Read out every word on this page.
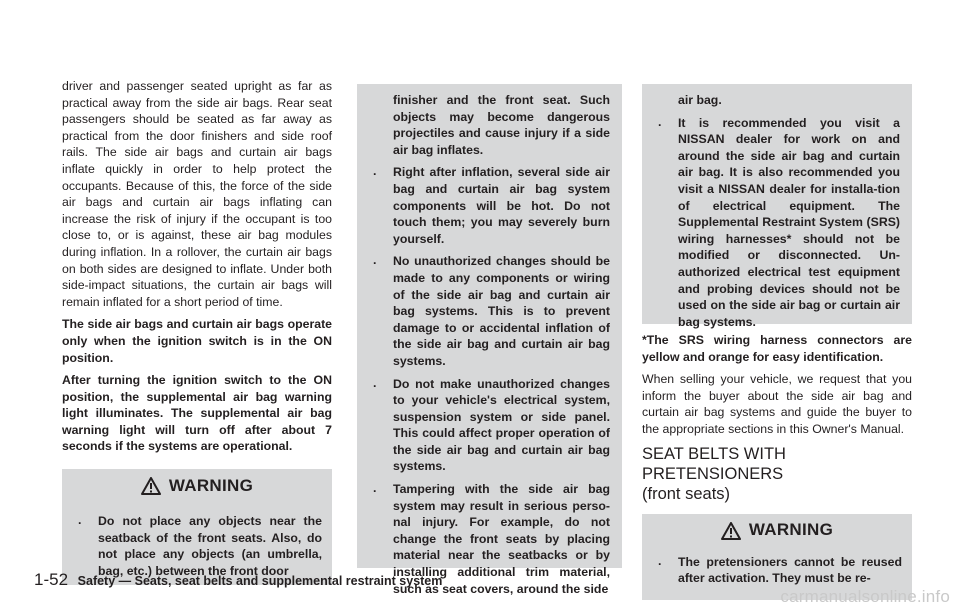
driver and passenger seated upright as far as practical away from the side air bags. Rear seat passengers should be seated as far away as practical from the door finishers and side roof rails. The side air bags and curtain air bags inflate quickly in order to help protect the occupants. Because of this, the force of the side air bags and curtain air bags inflating can increase the risk of injury if the occupant is too close to, or is against, these air bag modules during inflation. In a rollover, the curtain air bags on both sides are designed to inflate. Under both side-impact situations, the curtain air bags will remain inflated for a short period of time.

The side air bags and curtain air bags operate only when the ignition switch is in the ON position.

After turning the ignition switch to the ON position, the supplemental air bag warning light illuminates. The supplemental air bag warning light will turn off after about 7 seconds if the systems are operational.

WARNING
. Do not place any objects near the seatback of the front seats. Also, do not place any objects (an umbrella, bag, etc.) between the front door
finisher and the front seat. Such objects may become dangerous projectiles and cause injury if a side air bag inflates.
. Right after inflation, several side air bag and curtain air bag system components will be hot. Do not touch them; you may severely burn yourself.
. No unauthorized changes should be made to any components or wiring of the side air bag and curtain air bag systems. This is to prevent damage to or accidental inflation of the side air bag and curtain air bag systems.
. Do not make unauthorized changes to your vehicle's electrical system, suspension system or side panel. This could affect proper operation of the side air bag and curtain air bag systems.
. Tampering with the side air bag system may result in serious perso-nal injury. For example, do not change the front seats by placing material near the seatbacks or by installing additional trim material, such as seat covers, around the side
air bag.
. It is recommended you visit a NISSAN dealer for work on and around the side air bag and curtain air bag. It is also recommended you visit a NISSAN dealer for installa-tion of electrical equipment. The Supplemental Restraint System (SRS) wiring harnesses* should not be modified or disconnected. Un-authorized electrical test equipment and probing devices should not be used on the side air bag or curtain air bag systems.

*The SRS wiring harness connectors are yellow and orange for easy identification.

When selling your vehicle, we request that you inform the buyer about the side air bag and curtain air bag systems and guide the buyer to the appropriate sections in this Owner's Manual.

SEAT BELTS WITH PRETENSIONERS
(front seats)
WARNING
. The pretensioners cannot be reused after activation. They must be re-
1-52 Safety — Seats, seat belts and supplemental restraint system
carmanualsonline.info
